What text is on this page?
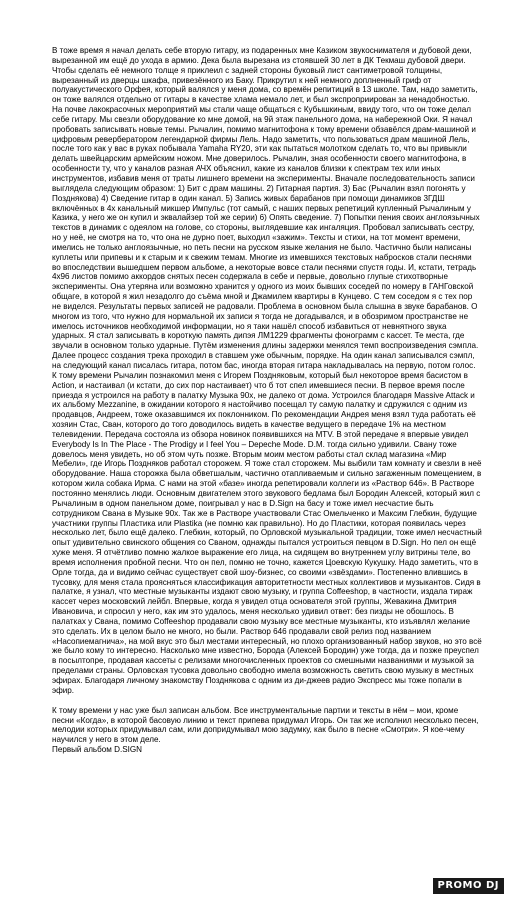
В тоже время я начал делать себе вторую гитару, из подаренных мне Казиком звукоснимателя и дубовой деки, вырезанной им ещё до ухода в армию. Дека была вырезана из стоявшей 30 лет в ДК Текмаш дубовой двери. Чтобы сделать её немного толще я приклеил с задней стороны буковый лист сантиметровой толщины, вырезанный из дверцы шкафа, привезённого из Баку. Прикрутил к ней немного доплненный гриф от полуакустического Орфея, который валялся у меня дома, со времён репитиций в 13 школе. Там, надо заметить, он тоже валялся отдельно от гитары в качестве хлама немало лет, и был экспроприирован за ненадобностью. На почве лакокрасочных мероприятий мы стали чаще общаться с Кубышкиным, ввиду того, что он тоже делал себе гитару. Мы свезли оборудование ко мне домой, на 9й этаж панельного дома, на набережной Оки. Я начал пробовать записывать новые темы. Рычалин, помимо магнитофона к тому времени обзавёлся драм-машиной и цифровым ревербератором легендарной фирмы Лель. Надо заметить, что пользоваться драм машиной Лель, после того как у вас в руках побывала Yamaha RY20, эти как пытаться молотком сделать то, что вы привыкли делать швейцарским армейским ножом. Мне доверилось. Рычалин, зная особенности своего магнитофона, в особенности ту, что у каналов разная АЧХ объяснил, какие из каналов близки к спектрам тех или иных инструментов, избавив меня от траты лишнего времени на эксперименты. Вначале последовательность записи выглядела следующим образом: 1) Бит с драм машины. 2) Гитарная партия. 3) Бас (Рычалин взял погонять у Позднякова) 4) Сведение гитар в один канал. 5) Запись живых барабанов при помощи динамиков 3ГДШ включённых в 4х канальный микшер Импульс (тот самый, с наших первых репетиций купленный Рычалиным у Казика, у него же он купил и эквалайзер той же серии) 6) Опять сведение. 7) Попытки пения своих англоязычных текстов в динамик с одеялом на голове, со стороны, выглядевшие как ингаляция. Пробовал записывать сестру, но у неё, не смотря на то, что она не дурно поет, выходил «зажим». Тексты и стихи, на тот момент времени, имелись не только англоязычные, но петь песни на русском языке желания не было. Частично были написаны куплеты или припевы и к старым и к свежим темам. Многие из имевшихся текстовых набросков стали песнями во впоследствии вышедшем первом альбоме, а некоторые вовсе стали песнями спустя годы. И, кстати, тетрадь 4х96 листов помимо аккордов снятых песен содержала в себе и первые, довольно глупые стихотворные эксперименты. Она утеряна или возможно хранится у одного из моих бывших соседей по номеру в ГАНГовской общаге, в которой я жил незадолго до съёма мной и Джамилем квартиры в Кунцево. С тем соседом я с тех пор не виделся. Результаты первых записей не радовали. Проблема в основном была слышна в звуке барабанов. О многом из того, что нужно для нормальной их записи я тогда не догадывался, и в обозримом пространстве не имелось источников необходимой информации, но я таки нашёл способ избавиться от невнятного звука ударных. Я стал записывать в короткую память дипэя ЛМ1229 фрагменты фонограмм с кассет. Те места, где звучали в основном только ударные. Путём изменения длины задержки менялся темп воспроизведения сэмпла. Далее процесс создания трека проходил в ставшем уже обычным, порядке. На один канал записывался сэмпл, на следующий канал писалась гитара, потом бас, иногда вторая гитара накладывалась на первую, потом голос. К тому времени Рычалин познакомил меня с Игорем Поздняковым, который был некоторое время басистом в Action, и настаивал (и кстати, до сих пор настаивает) что б тот спел имевшиеся песни. В первое время после приезда я устроился на работу в палатку Музыка 90х, не далеко от дома. Устроился благодаря Massive Attack и их альбому Mezzanine, в ожидании которого я настойчиво посещал ту самую палатку и сдружился с одним из продавцов, Андреем, тоже оказавшимся их поклонником. По рекомендации Андрея меня взял туда работать её хозяин Стас, Сван, которого до того доводилось видеть в качестве ведущего в передаче 1% на местном телевидении. Передача состояла из обзора новинок появившихся на MTV. В этой передаче я впервые увидел Everybody Is In The Place - The Prodigy и I feel You – Depeche Mode. D.M. тогда сильно удивили. Свану тоже довелось меня увидеть, но об этом чуть позже. Вторым моим местом работы стал склад магазина «Мир Мебели», где Игорь Поздняков работал сторожем. Я тоже стал сторожем. Мы выбили там комнату и свезли в неё оборудование. Наша сторожка была обветшалым, частично отапливаемым и сильно загаженным помещением, в котором жила собака Ирма. С нами на этой «базе» иногда репетировали коллеги из «Раствор 646». В Растворе постоянно менялись люди. Основным двигателем этого звукового бедлама был Бородин Алексей, который жил с Рычалиным в одном панельном доме, поигрывал у нас в D.Sign на басу и тоже имел несчастие быть сотрудником Свана в Музыке 90х. Так же в Растворе участвовали Стас Омельченко и Максим Глебкин, будущие участники группы Пластика или Plastika (не помню как правильно). Но до Пластики, которая появилась через несколько лет, было ещё далеко. Глебкин, который, по Орловской музыкальной традиции, тоже имел несчастный опыт удивительно свинского общения со Сваном, однажды пытался устроиться певцом в D.Sign. Но пел он ещё хуже меня. Я отчётливо помню жалкое выражение его лица, на сидящем во внутреннем углу витрины теле, во время исполнения пробной песни. Что он пел, помню не точно, кажется Цоевскую Кукушку. Надо заметить, что в Орле тогда, да и видимо сейчас существует свой шоу-бизнес, со своими «звёздами». Постепенно влившись в тусовку, для меня стала проясняться классификация авторитетности местных коллективов и музыкантов. Сидя в палатке, я узнал, что местные музыканты издают свою музыку, и группа Coffeeshop, в частности, издала тираж кассет через московский лейбл. Впервые, когда я увидел отца основателя этой группы, Жевакина Дмитрия Ивановича, и спросил у него, как им это удалось, меня несколько удивил ответ: без пизды не обошлось. В палатках у Свана, помимо Coffeeshop продавали свою музыку все местные музыканты, кто изъявлял желание это сделать. Их в целом было не много, но были. Раствор 646 продавали свой релиз под названием «Насопиемагнича», на мой вкус это был местами интересный, но плохо организованный набор звуков, но это всё же было кому то интересно. Насколько мне известно, Борода (Алексей Бородин) уже тогда, да и позже преуспел в посылтопре, продавая кассеты с релизами многочисленных проектов со смешными названиями и музыкой за пределами страны. Орловская тусовка довольно свободно имела возможность светить свою музыку в местных эфирах. Благодаря личному знакомству Позднякова с одним из ди-джеев радио Экспресс мы тоже попали в эфир.

К тому времени у нас уже был записан альбом. Все инструментальные партии и тексты в нём – мои, кроме песни «Когда», в которой басовую линию и текст припева придумал Игорь. Он так же исполнил несколько песен, мелодии которых придумывал сам, или допридумывал мою задумку, как было в песне «Смотри». Я кое-чему научился у него в этом деле.

Первый альбом D.SIGN

PROMO DJ
